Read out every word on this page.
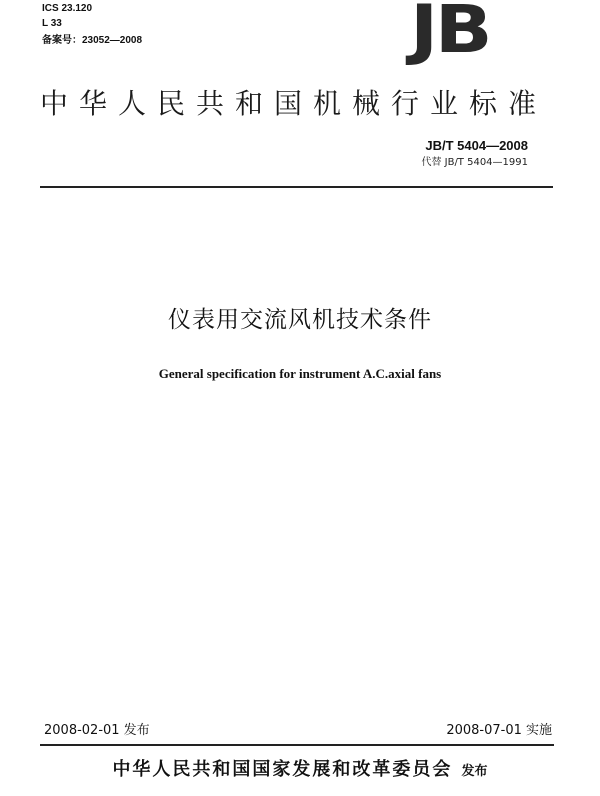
ICS 23.120
L 33
备案号：23052—2008	JB
中华人民共和国机械行业标准
JB/T 5404—2008
代替 JB/T 5404—1991
仪表用交流风机技术条件
General specification for instrument A.C.axial fans
2008-02-01 发布	2008-07-01 实施
中华人民共和国国家发展和改革委员会 发布
